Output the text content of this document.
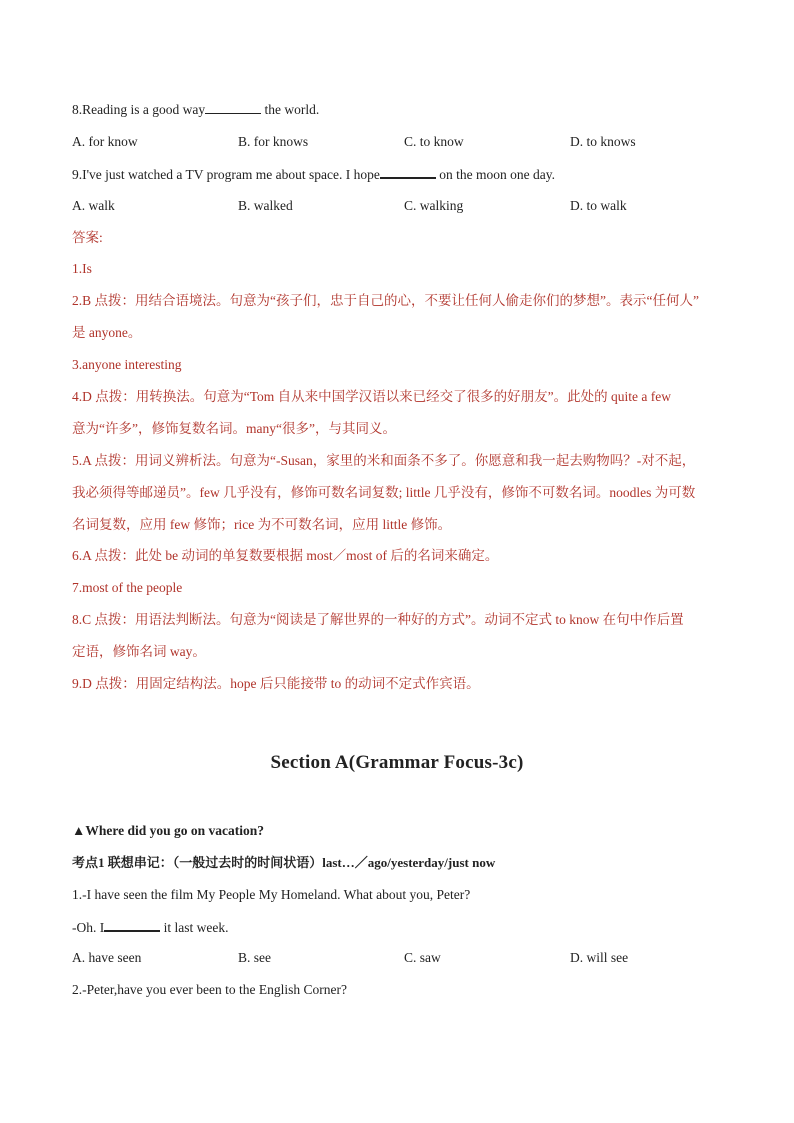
8.Reading is a good way	the world.
A. for know	B. for knows	C. to know	D. to knows
9.I've just watched a TV program me about space. I hope	on the moon one day.
A. walk	B. walked	C. walking	D. to walk
答案:
1.Is
2.B 点拨：用结合语境法。句意为“孩子们，忠于自己的心，不要让任何人偷走你们的梦想”。表示“任何人”
是 anyone。
3.anyone interesting
4.D 点拨：用转换法。句意为“Tom 自从来中国学汉语以来已经交了很多的好朋友”。此处的 quite a few
意为“许多”，修饰复数名词。many“很多”，与其同义。
5.A 点拨：用词义辨析法。句意为“-Susan，家里的米和面条不多了。你愿意和我一起去购物吗？-对不起，
我必须得等邮递员”。few 几乎没有，修饰可数名词复数; little 几乎没有，修饰不可数名词。noodles 为可数
名词复数，应用 few 修饰；rice 为不可数名词，应用 little 修饰。
6.A 点拨：此处 be 动词的单复数要根据 most／most of 后的名词来确定。
7.most of the people
8.C 点拨：用语法判断法。句意为“阅读是了解世界的一种好的方式”。动词不定式 to know 在句中作后置
定语，修饰名词 way。
9.D 点拨：用固定结构法。hope 后只能接带 to 的动词不定式作宾语。
Section A(Grammar Focus-3c)
▲Where did you go on vacation?
考点1 联想串记：（一般过去时的时间状语）last…／ago/yesterday/just now
1.-I have seen the film My People My Homeland. What about you, Peter?
-Oh. I	it last week.
A. have seen	B. see	C. saw	D. will see
2.-Peter,have you ever been to the English Corner?
